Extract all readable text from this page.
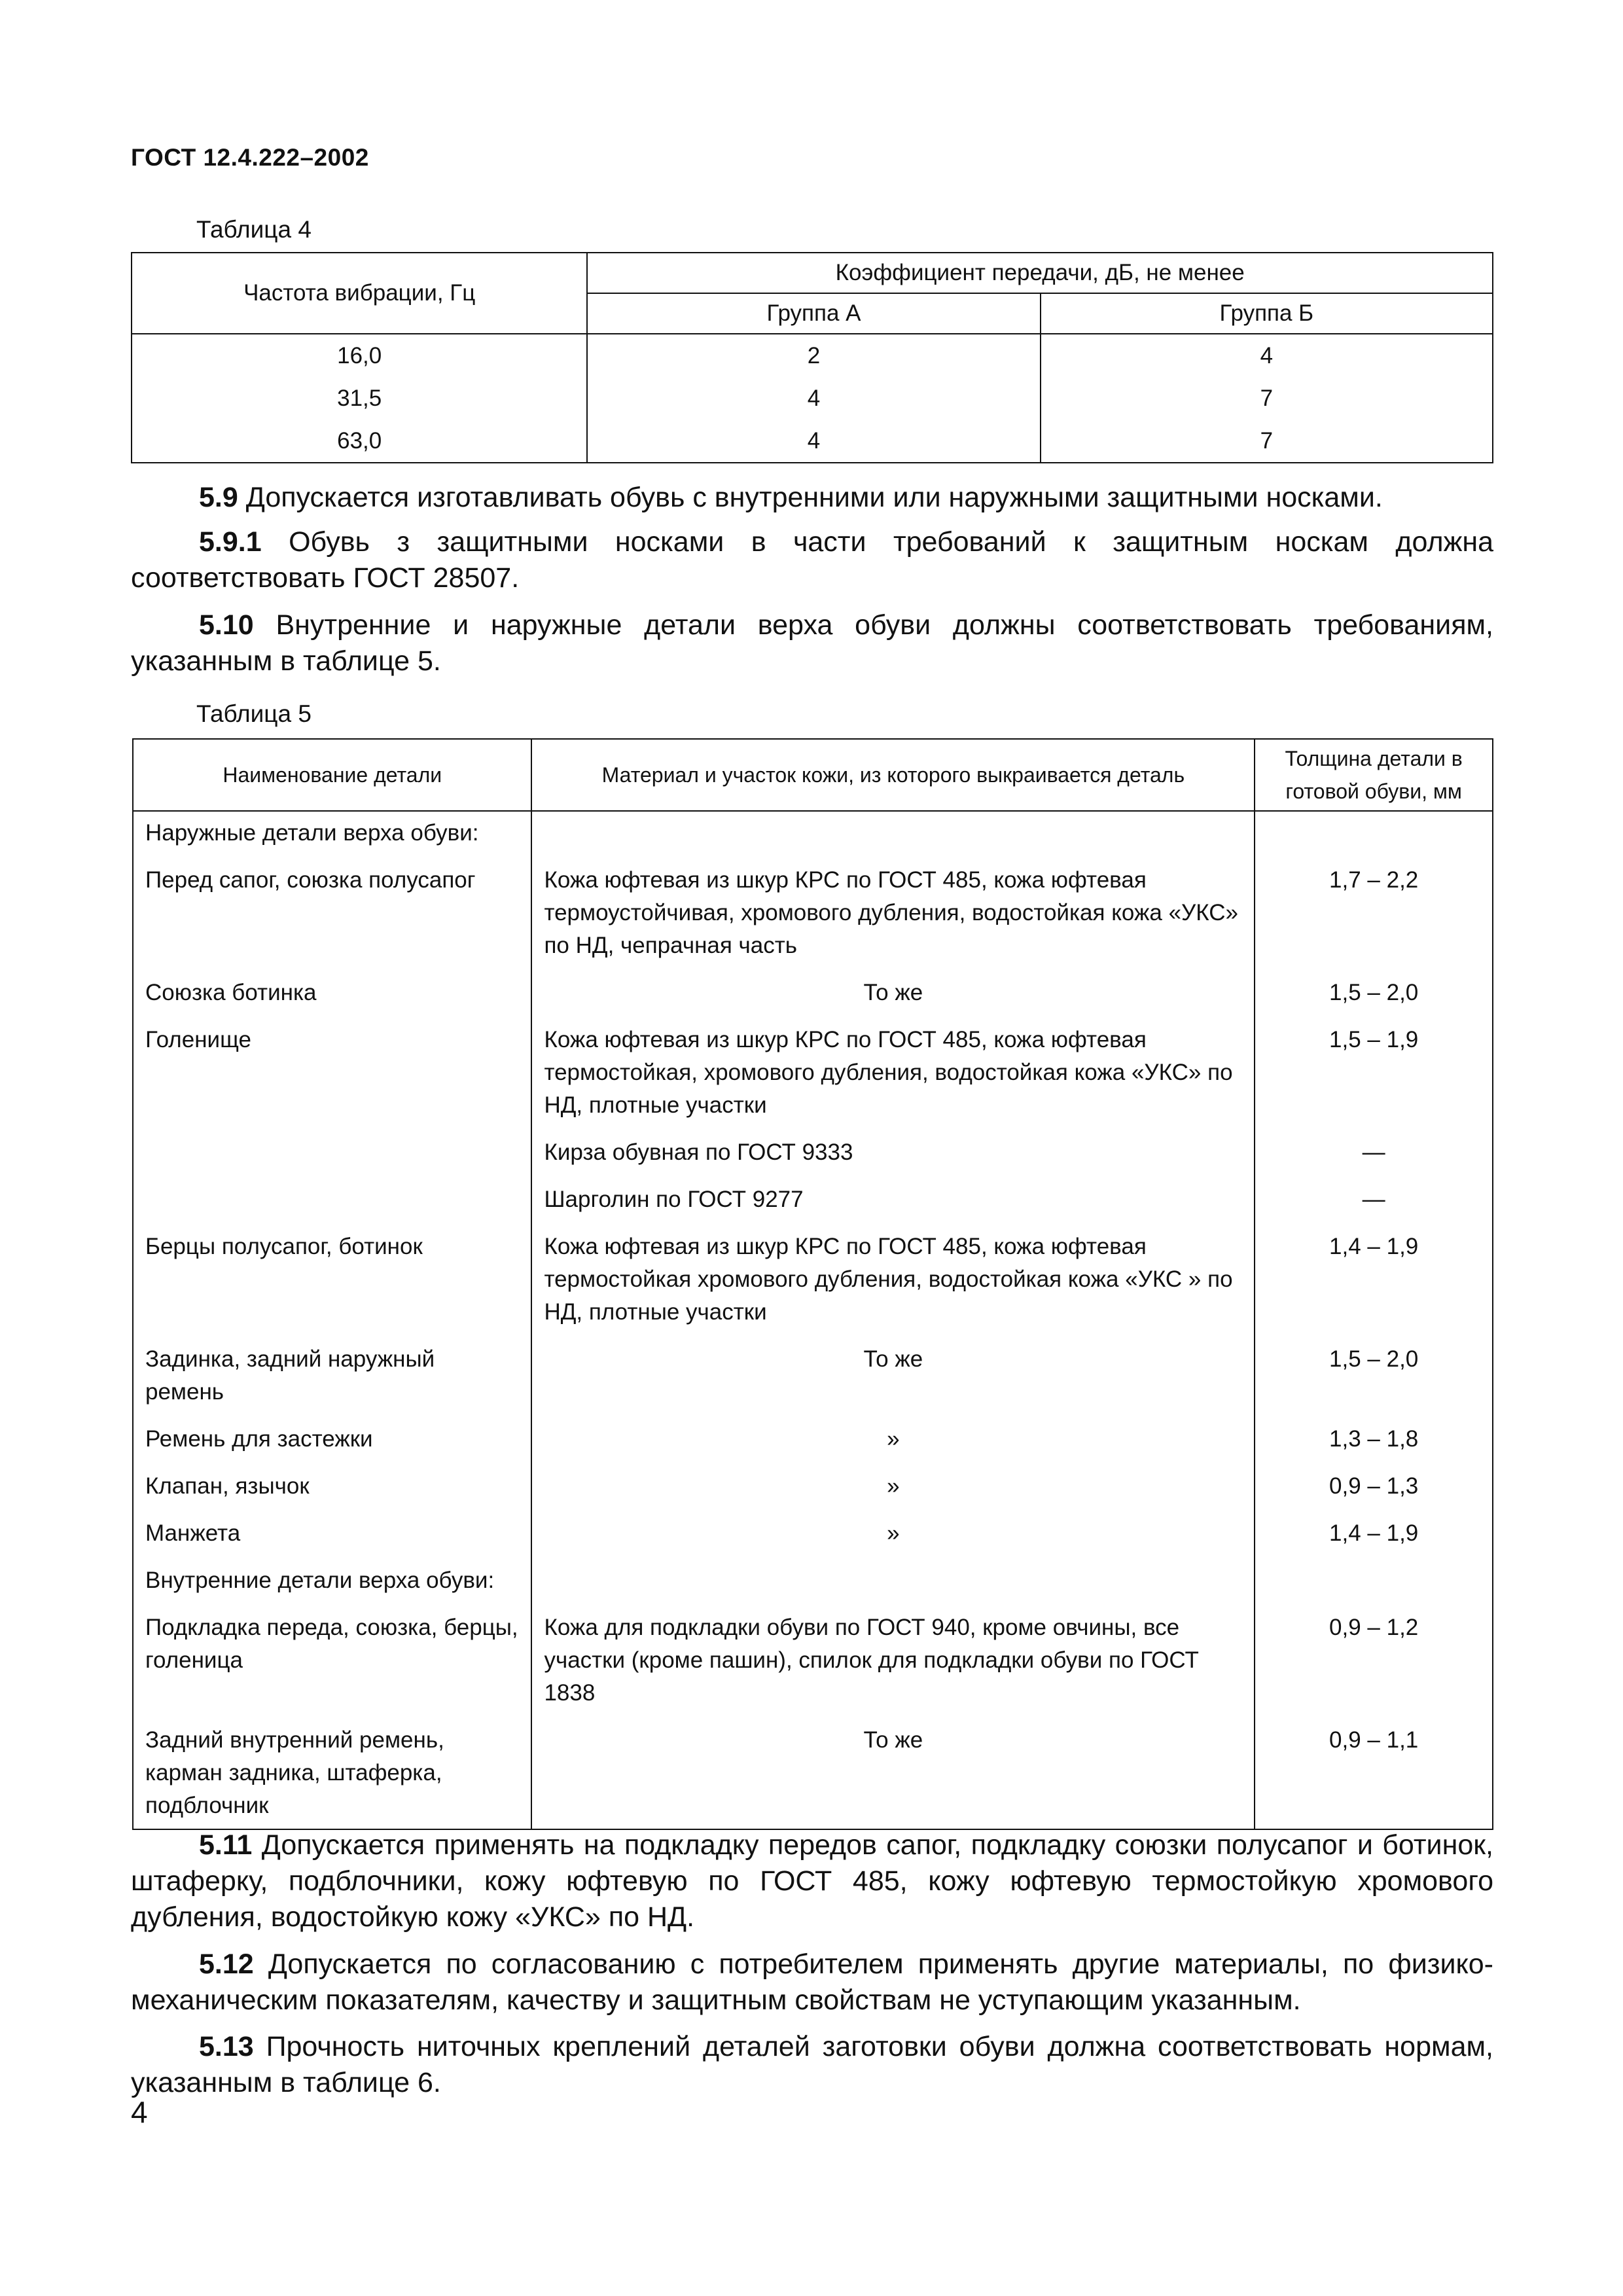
ГОСТ 12.4.222–2002
Таблица 4
Частота вибрации, Гц	Коэффициент передачи, дБ, не менее	
	Группа А	Группа Б
16,0	2	4
31,5	4	7
63,0	4	7
5.9 Допускается изготавливать обувь с внутренними или наружными защитными носками.
5.9.1 Обувь з защитными носками в части требований к защитным носкам должна соответствовать ГОСТ 28507.
5.10 Внутренние и наружные детали верха обуви должны соответствовать требованиям, указанным в таблице 5.
Таблица 5
Наименование детали	Материал и участок кожи, из которого выкраивается деталь	Толщина детали в готовой обуви, мм
Наружные детали верха обуви:		
Перед сапог, союзка полусапог	Кожа юфтевая из шкур КРС по ГОСТ 485, кожа юфтевая термоустойчивая, хромового дубления, водостойкая кожа «УКС» по НД, чепрачная часть	1,7 – 2,2
Союзка ботинка	То же	1,5 – 2,0
Голенище	Кожа юфтевая из шкур КРС по ГОСТ 485, кожа юфтевая термостойкая, хромового дубления, водостойкая кожа «УКС» по НД, плотные участки	1,5 – 1,9
	Кирза обувная по ГОСТ 9333	—
	Шарголин по ГОСТ 9277	—
Берцы полусапог, ботинок	Кожа юфтевая из шкур КРС по ГОСТ 485, кожа юфтевая термостойкая хромового дубления, водостойкая кожа «УКС » по НД, плотные участки	1,4 – 1,9
Задинка, задний наружный ремень	То же	1,5 – 2,0
Ремень для застежки	»	1,3 – 1,8
Клапан, язычок	»	0,9 – 1,3
Манжета	»	1,4 – 1,9
Внутренние детали верха обуви:		
Подкладка переда, союзка, берцы, голеница	Кожа для подкладки обуви по ГОСТ 940, кроме овчины, все участки (кроме пашин), спилок для подкладки обуви по ГОСТ 1838	0,9 – 1,2
Задний внутренний ремень, карман задника, штаферка, подблочник	То же	0,9 – 1,1
5.11 Допускается применять на подкладку передов сапог, подкладку союзки полусапог и ботинок, штаферку, подблочники, кожу юфтевую по ГОСТ 485, кожу юфтевую термостойкую хромового дубления, водостойкую кожу «УКС» по НД.
5.12 Допускается по согласованию с потребителем применять другие материалы, по физико-механическим показателям, качеству и защитным свойствам не уступающим указанным.
5.13 Прочность ниточных креплений деталей заготовки обуви должна соответствовать нормам, указанным в таблице 6.
4
